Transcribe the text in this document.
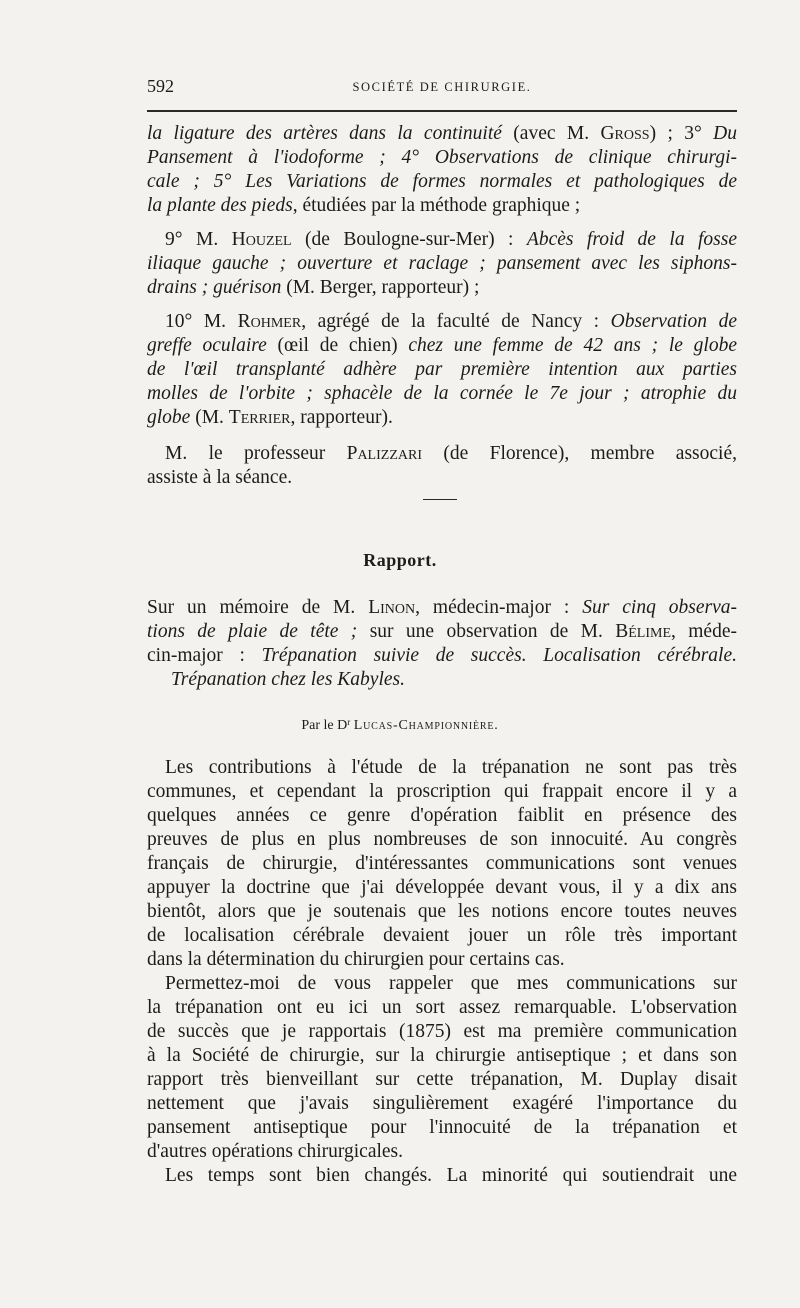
592	SOCIÉTÉ DE CHIRURGIE.
la ligature des artères dans la continuité (avec M. Gross) ; 3° Du
Pansement à l'iodoforme ; 4° Observations de clinique chirurgi-
cale ; 5° Les Variations de formes normales et pathologiques de
la plante des pieds, étudiées par la méthode graphique ;
9° M. Houzel (de Boulogne-sur-Mer) : Abcès froid de la fosse
iliaque gauche ; ouverture et raclage ; pansement avec les siphons-
drains ; guérison (M. Berger, rapporteur) ;
10° M. Rohmer, agrégé de la faculté de Nancy : Observation de
greffe oculaire (œil de chien) chez une femme de 42 ans ; le globe
de l'œil transplanté adhère par première intention aux parties
molles de l'orbite ; sphacèle de la cornée le 7e jour ; atrophie du
globe (M. Terrier, rapporteur).
M. le professeur Palizzari (de Florence), membre associé,
assiste à la séance.
Rapport.
Sur un mémoire de M. Linon, médecin-major : Sur cinq observa-
tions de plaie de tête ; sur une observation de M. Bélime, méde-
cin-major : Trépanation suivie de succès. Localisation cérébrale.
Trépanation chez les Kabyles.
Par le $D^r$ Lucas-Championnière.
Les contributions à l'étude de la trépanation ne sont pas très
communes, et cependant la proscription qui frappait encore il y a
quelques années ce genre d'opération faiblit en présence des
preuves de plus en plus nombreuses de son innocuité. Au congrès
français de chirurgie, d'intéressantes communications sont venues
appuyer la doctrine que j'ai développée devant vous, il y a dix ans
bientôt, alors que je soutenais que les notions encore toutes neuves
de localisation cérébrale devaient jouer un rôle très important
dans la détermination du chirurgien pour certains cas.
Permettez-moi de vous rappeler que mes communications sur
la trépanation ont eu ici un sort assez remarquable. L'observation
de succès que je rapportais (1875) est ma première communication
à la Société de chirurgie, sur la chirurgie antiseptique ; et dans son
rapport très bienveillant sur cette trépanation, M. Duplay disait
nettement que j'avais singulièrement exagéré l'importance du
pansement antiseptique pour l'innocuité de la trépanation et
d'autres opérations chirurgicales.
Les temps sont bien changés. La minorité qui soutiendrait une
